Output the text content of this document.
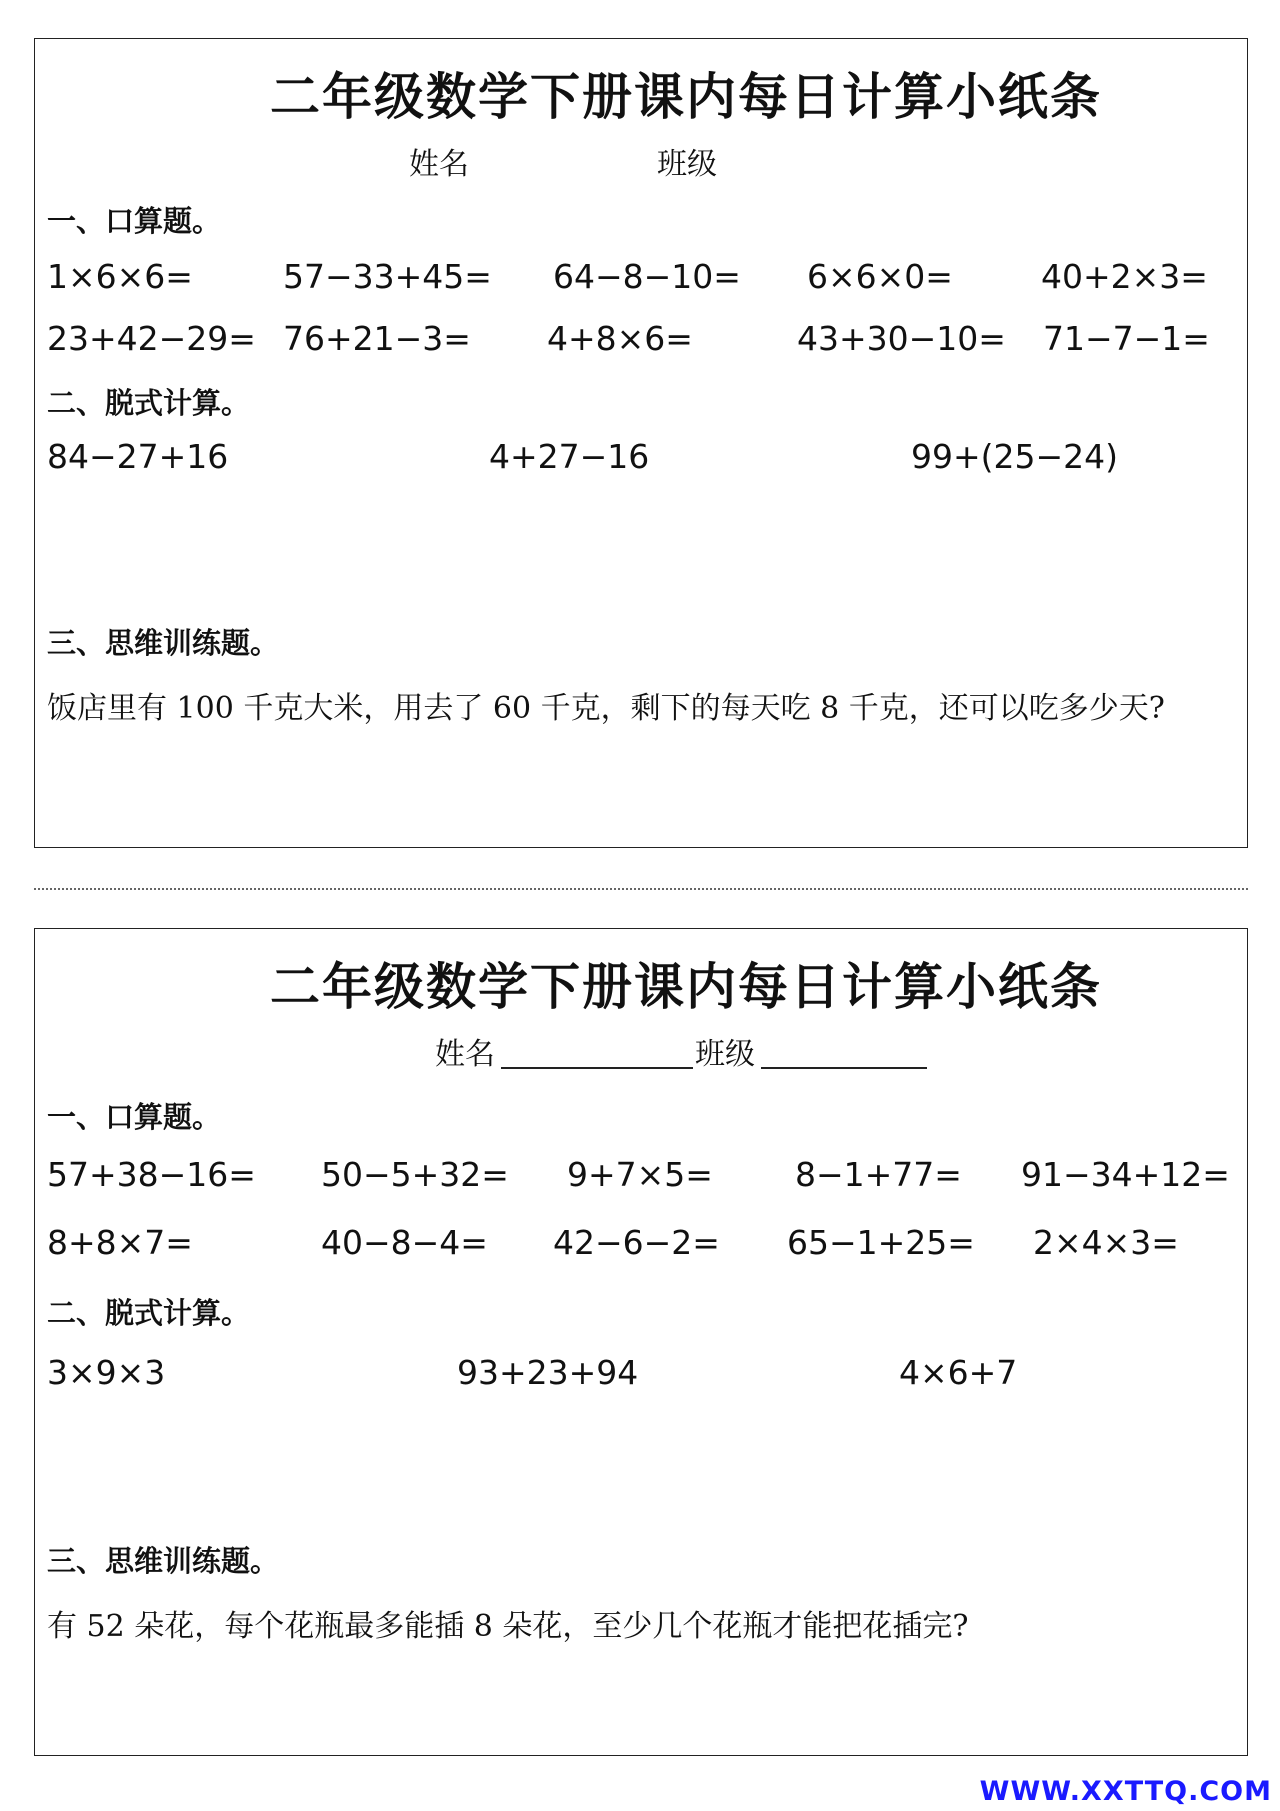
二年级数学下册课内每日计算小纸条
姓名	班级
一、口算题。
1×6×6=	57−33+45= 64−8−10= 6×6×0=	40+2×3=
23+42−29= 76+21−3= 4+8×6=	43+30−10= 71−7−1=
二、脱式计算。
84−27+16	4+27−16	99+(25−24)
三、思维训练题。
饭店里有 100 千克大米，用去了 60 千克，剩下的每天吃 8 千克，还可以吃多少天?
二年级数学下册课内每日计算小纸条
姓名	班级
一、口算题。
57+38−16= 50−5+32= 9+7×5= 8−1+77= 91−34+12=
8+8×7=	40−8−4= 42−6−2= 65−1+25= 2×4×3=
二、脱式计算。
3×9×3	93+23+94	4×6+7
三、思维训练题。
有 52 朵花，每个花瓶最多能插 8 朵花，至少几个花瓶才能把花插完?
WWW.XXTTQ.COM
